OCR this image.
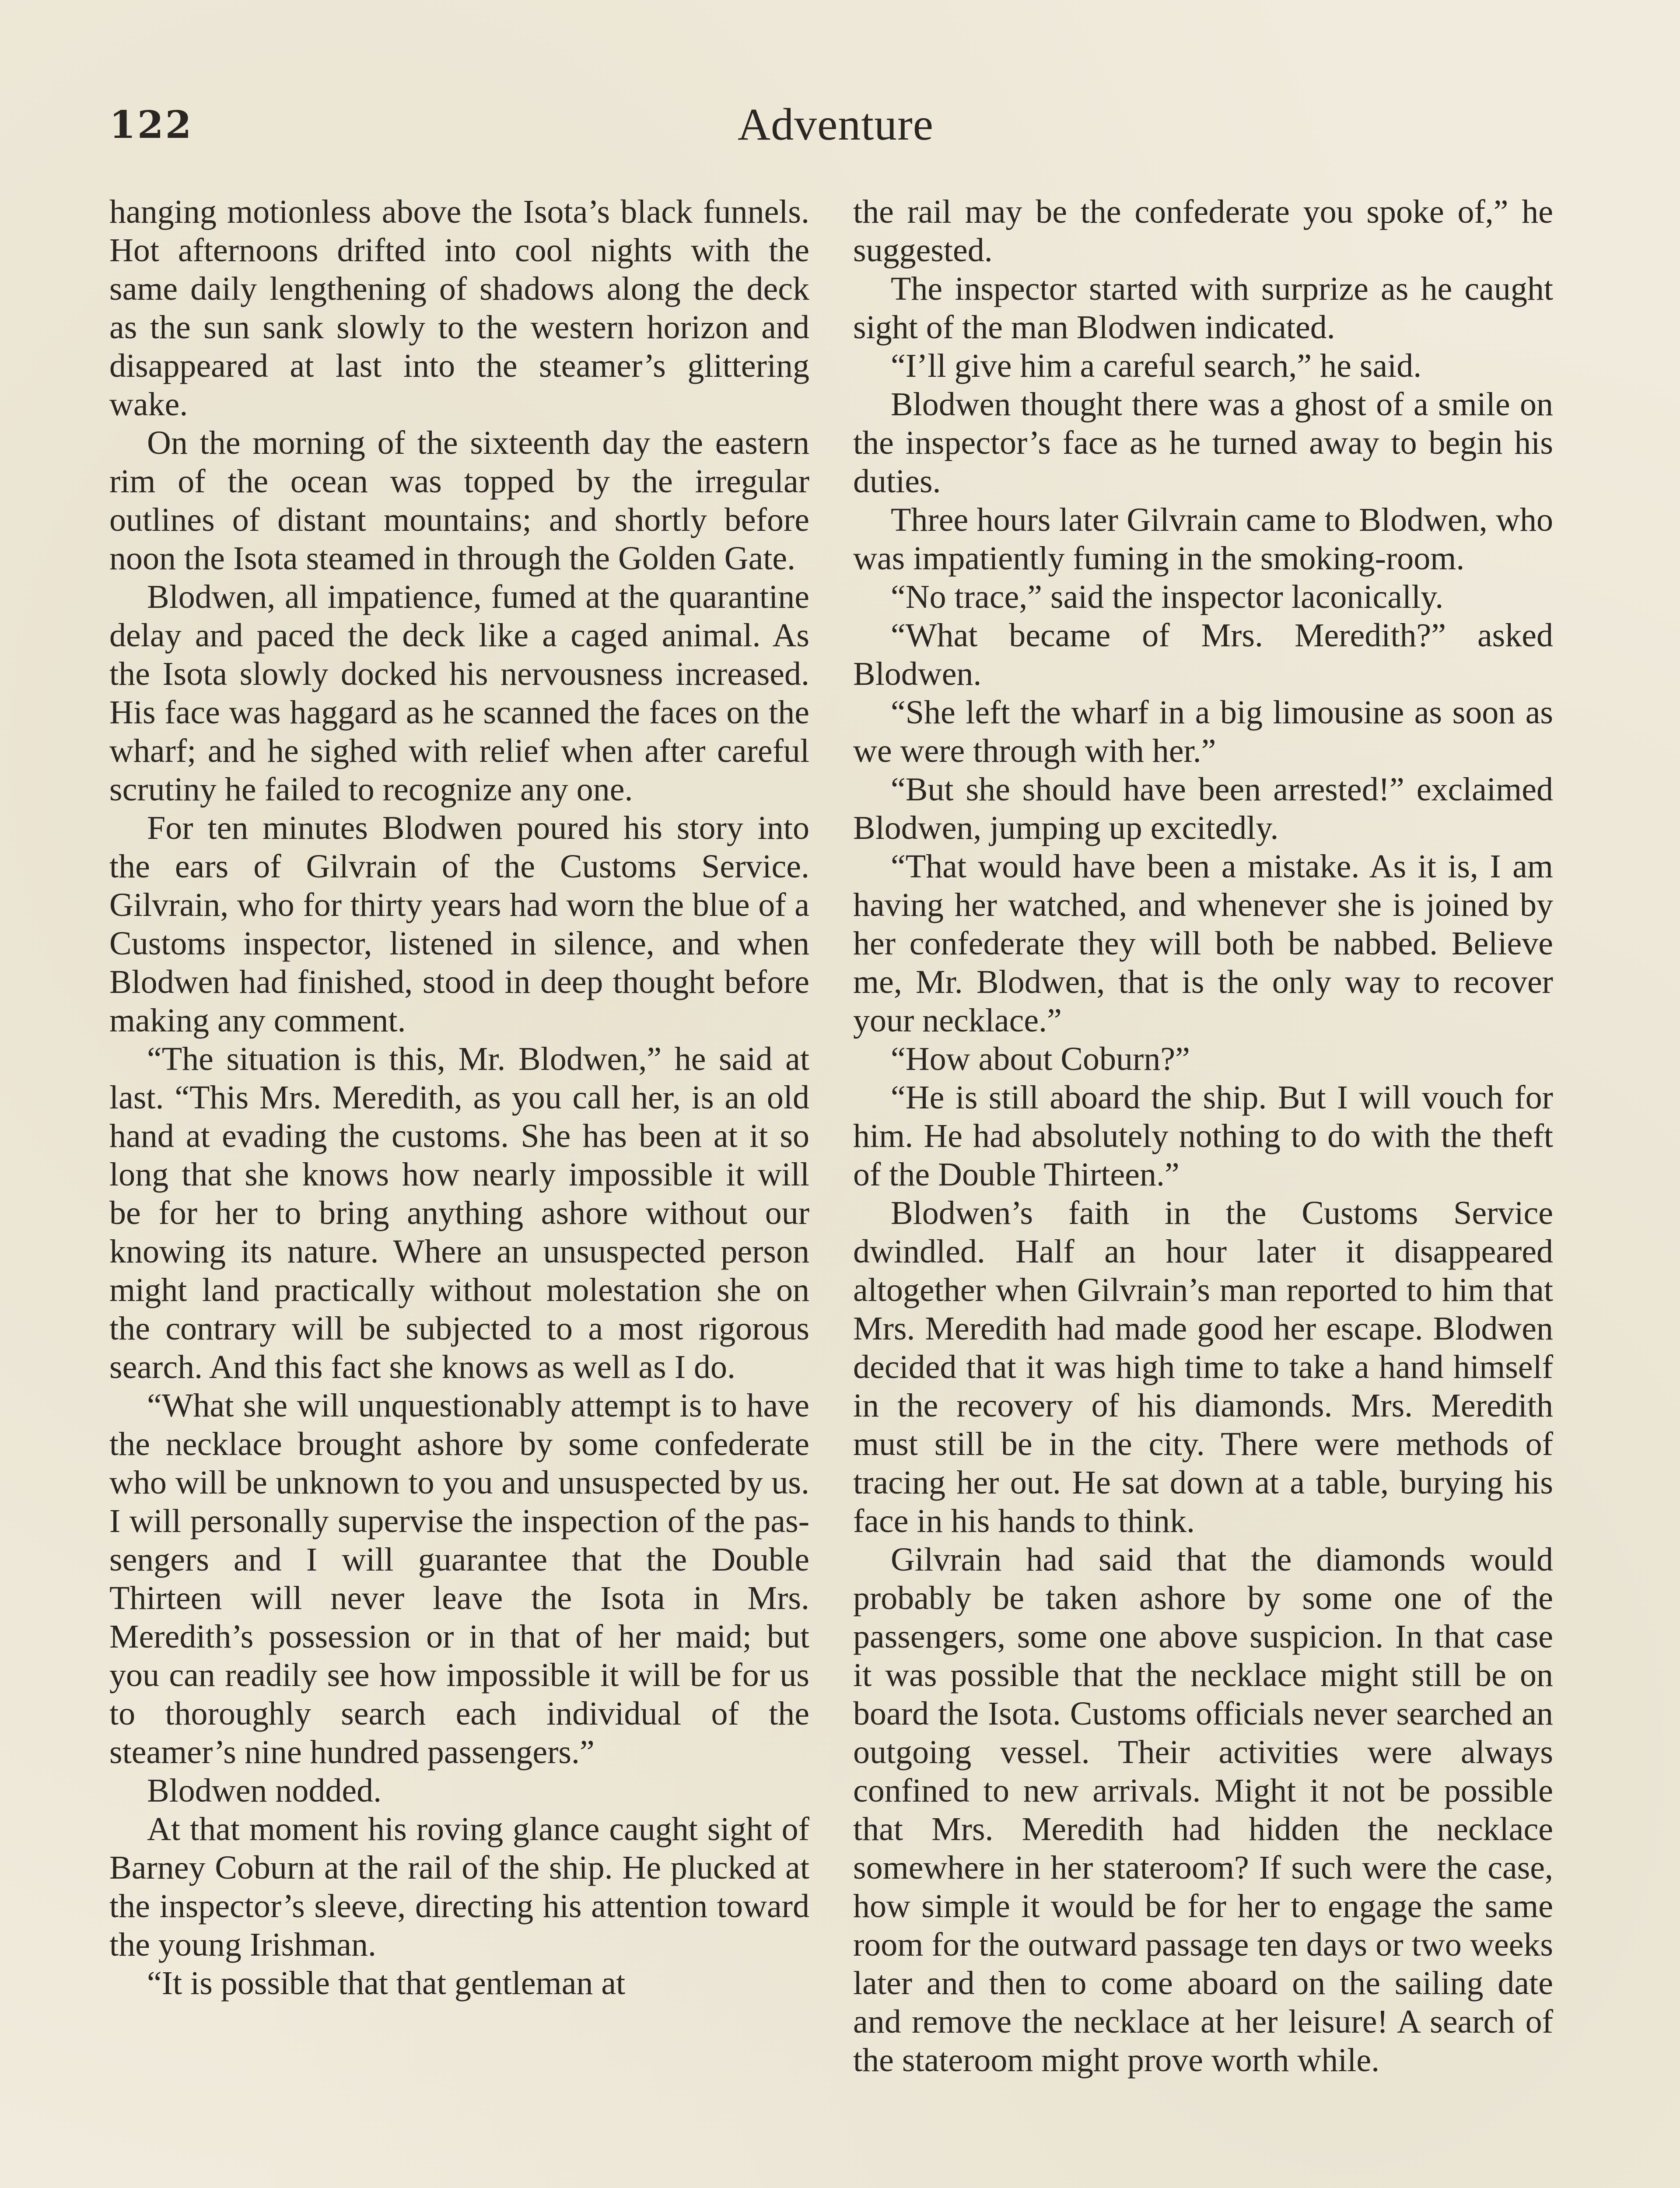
122	Adventure

hanging motionless above the Isota’s black funnels. Hot afternoons drifted into cool nights with the same daily lengthening of shadows along the deck as the sun sank slowly to the western horizon and disappeared at last into the steamer’s glittering wake.

On the morning of the sixteenth day the eastern rim of the ocean was topped by the irregular outlines of distant mountains; and shortly before noon the Isota steamed in through the Golden Gate.

Blodwen, all impatience, fumed at the quarantine delay and paced the deck like a caged animal. As the Isota slowly docked his nervousness increased. His face was haggard as he scanned the faces on the wharf; and he sighed with relief when after careful scrutiny he failed to recognize any one.

For ten minutes Blodwen poured his story into the ears of Gilvrain of the Customs Service. Gilvrain, who for thirty years had worn the blue of a Customs inspector, listened in silence, and when Blodwen had finished, stood in deep thought before making any comment.

“The situation is this, Mr. Blodwen,” he said at last. “This Mrs. Meredith, as you call her, is an old hand at evading the customs. She has been at it so long that she knows how nearly impossible it will be for her to bring anything ashore without our knowing its nature. Where an unsuspected person might land practically without molestation she on the contrary will be subjected to a most rigorous search. And this fact she knows as well as I do.

“What she will unquestionably attempt is to have the necklace brought ashore by some confederate who will be unknown to you and unsuspected by us. I will personally supervise the inspection of the passengers and I will guarantee that the Double Thirteen will never leave the Isota in Mrs. Meredith’s possession or in that of her maid; but you can readily see how impossible it will be for us to thoroughly search each individual of the steamer’s nine hundred passengers.”

Blodwen nodded.

At that moment his roving glance caught sight of Barney Coburn at the rail of the ship. He plucked at the inspector’s sleeve, directing his attention toward the young Irishman.

“It is possible that that gentleman at

the rail may be the confederate you spoke of,” he suggested.

The inspector started with surprize as he caught sight of the man Blodwen indicated.

“I’ll give him a careful search,” he said.

Blodwen thought there was a ghost of a smile on the inspector’s face as he turned away to begin his duties.

Three hours later Gilvrain came to Blodwen, who was impatiently fuming in the smoking-room.

“No trace,” said the inspector laconically.

“What became of Mrs. Meredith?” asked Blodwen.

“She left the wharf in a big limousine as soon as we were through with her.”

“But she should have been arrested!” exclaimed Blodwen, jumping up excitedly.

“That would have been a mistake. As it is, I am having her watched, and whenever she is joined by her confederate they will both be nabbed. Believe me, Mr. Blodwen, that is the only way to recover your necklace.”

“How about Coburn?”

“He is still aboard the ship. But I will vouch for him. He had absolutely nothing to do with the theft of the Double Thirteen.”

Blodwen’s faith in the Customs Service dwindled. Half an hour later it disappeared altogether when Gilvrain’s man reported to him that Mrs. Meredith had made good her escape. Blodwen decided that it was high time to take a hand himself in the recovery of his diamonds. Mrs. Meredith must still be in the city. There were methods of tracing her out. He sat down at a table, burying his face in his hands to think.

Gilvrain had said that the diamonds would probably be taken ashore by some one of the passengers, some one above suspicion. In that case it was possible that the necklace might still be on board the Isota. Customs officials never searched an outgoing vessel. Their activities were always confined to new arrivals. Might it not be possible that Mrs. Meredith had hidden the necklace somewhere in her stateroom? If such were the case, how simple it would be for her to engage the same room for the outward passage ten days or two weeks later and then to come aboard on the sailing date and remove the necklace at her leisure! A search of the stateroom might prove worth while.
